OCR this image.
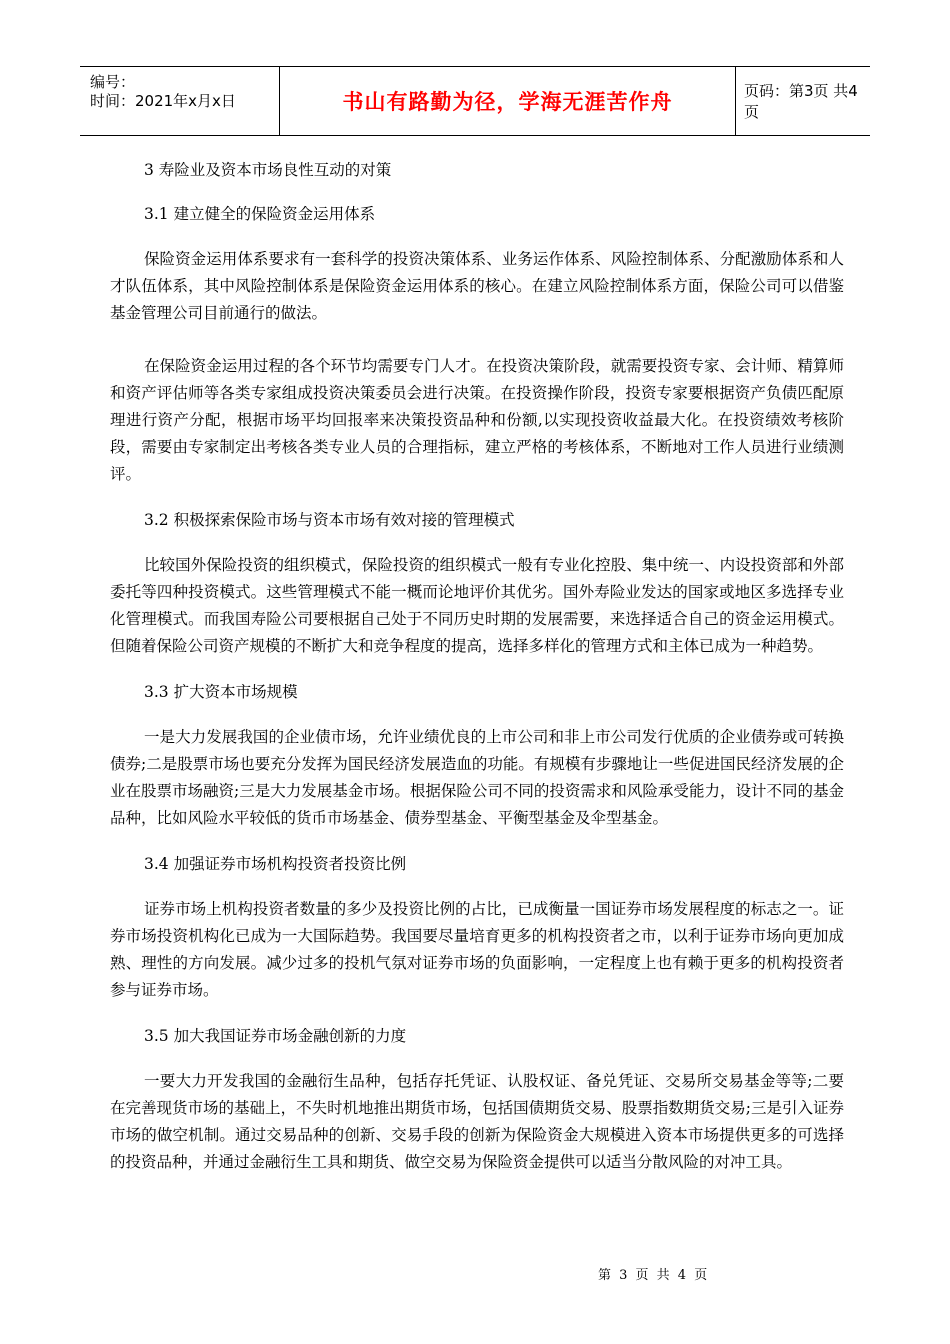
编号：
时间：2021年x月x日	书山有路勤为径，学海无涯苦作舟	页码：第3页 共4页

3 寿险业及资本市场良性互动的对策

3.1 建立健全的保险资金运用体系

保险资金运用体系要求有一套科学的投资决策体系、业务运作体系、风险控制体系、分配激励体系和人才队伍体系，其中风险控制体系是保险资金运用体系的核心。在建立风险控制体系方面，保险公司可以借鉴基金管理公司目前通行的做法。

在保险资金运用过程的各个环节均需要专门人才。在投资决策阶段，就需要投资专家、会计师、精算师和资产评估师等各类专家组成投资决策委员会进行决策。在投资操作阶段，投资专家要根据资产负债匹配原理进行资产分配，根据市场平均回报率来决策投资品种和份额,以实现投资收益最大化。在投资绩效考核阶段，需要由专家制定出考核各类专业人员的合理指标，建立严格的考核体系，不断地对工作人员进行业绩测评。

3.2 积极探索保险市场与资本市场有效对接的管理模式

比较国外保险投资的组织模式，保险投资的组织模式一般有专业化控股、集中统一、内设投资部和外部委托等四种投资模式。这些管理模式不能一概而论地评价其优劣。国外寿险业发达的国家或地区多选择专业化管理模式。而我国寿险公司要根据自己处于不同历史时期的发展需要，来选择适合自己的资金运用模式。但随着保险公司资产规模的不断扩大和竞争程度的提高，选择多样化的管理方式和主体已成为一种趋势。

3.3 扩大资本市场规模

一是大力发展我国的企业债市场，允许业绩优良的上市公司和非上市公司发行优质的企业债券或可转换债券;二是股票市场也要充分发挥为国民经济发展造血的功能。有规模有步骤地让一些促进国民经济发展的企业在股票市场融资;三是大力发展基金市场。根据保险公司不同的投资需求和风险承受能力，设计不同的基金品种，比如风险水平较低的货币市场基金、债券型基金、平衡型基金及伞型基金。

3.4 加强证券市场机构投资者投资比例

证券市场上机构投资者数量的多少及投资比例的占比，已成衡量一国证券市场发展程度的标志之一。证券市场投资机构化已成为一大国际趋势。我国要尽量培育更多的机构投资者之市，以利于证券市场向更加成熟、理性的方向发展。减少过多的投机气氛对证券市场的负面影响，一定程度上也有赖于更多的机构投资者参与证券市场。

3.5 加大我国证券市场金融创新的力度

一要大力开发我国的金融衍生品种，包括存托凭证、认股权证、备兑凭证、交易所交易基金等等;二要在完善现货市场的基础上，不失时机地推出期货市场，包括国债期货交易、股票指数期货交易;三是引入证券市场的做空机制。通过交易品种的创新、交易手段的创新为保险资金大规模进入资本市场提供更多的可选择的投资品种，并通过金融衍生工具和期货、做空交易为保险资金提供可以适当分散风险的对冲工具。

第 3 页 共 4 页
